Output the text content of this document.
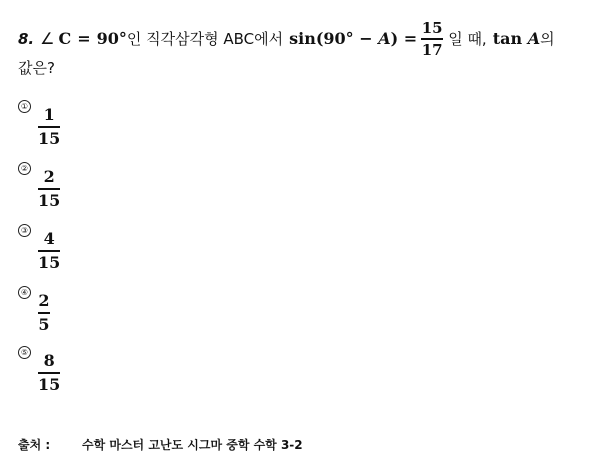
8. ∠ C = 90° 인 직각삼각형 ABC에서 $\sin(90^\circ - A) = \frac{15}{17}$ 일 때, tan A 의
값은?
① $\frac{1}{15}$
② $\frac{2}{15}$
③ $\frac{4}{15}$
④ $\frac{2}{5}$
⑤ $\frac{8}{15}$
출처 :	수학 마스터 고난도 시그마 중학 수학 3-2
